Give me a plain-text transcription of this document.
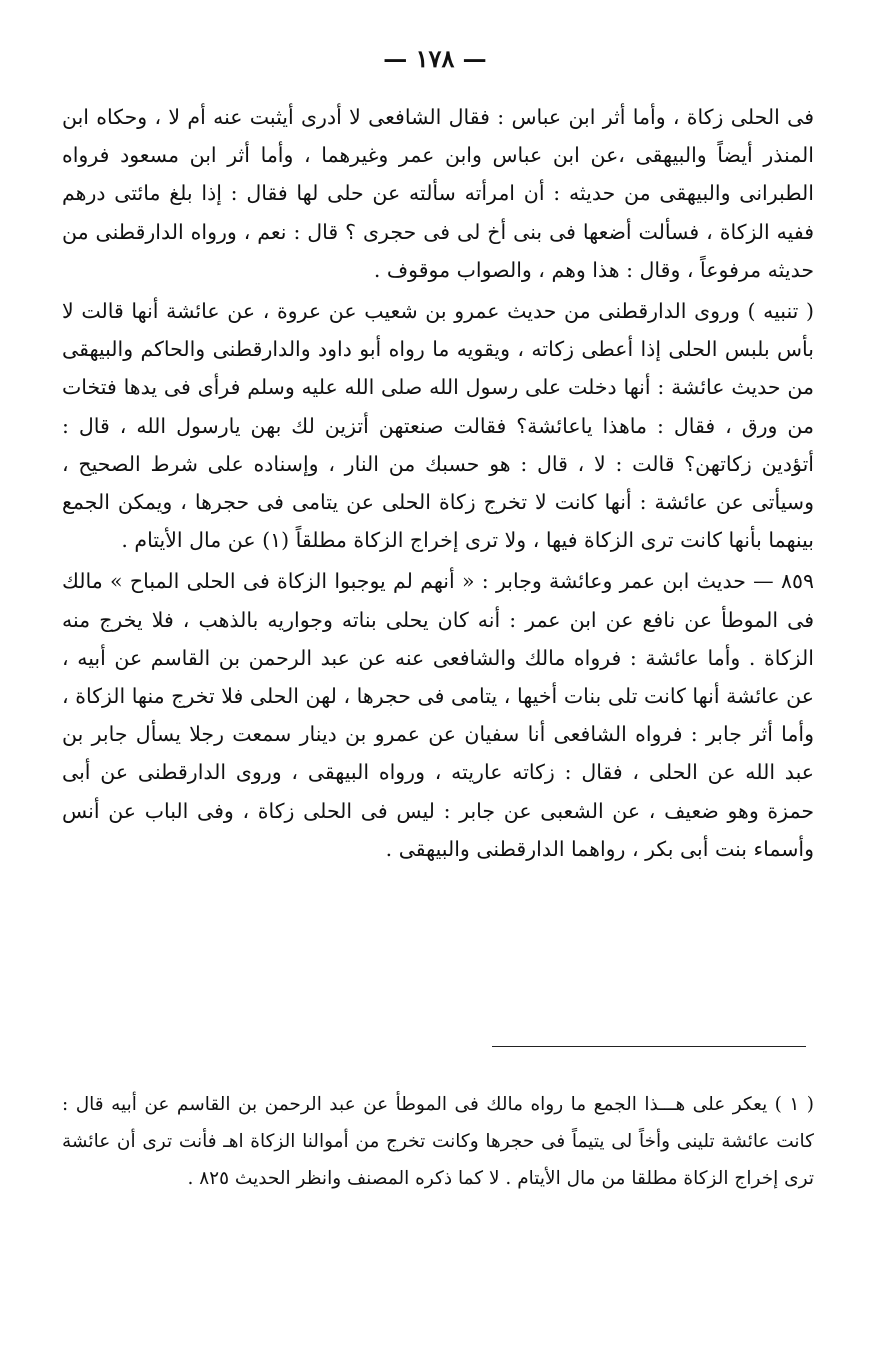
— ١٧٨ —

فى الحلى زكاة ، وأما أثر ابن عباس : فقال الشافعى لا أدرى أيثبت عنه أم لا ، وحكاه ابن المنذر أيضاً والبيهقى ،عن ابن عباس وابن عمر وغيرهما ، وأما أثر ابن مسعود فرواه الطبرانى والبيهقى من حديثه : أن امرأته سألته عن حلى لها فقال : إذا بلغ مائتى درهم ففيه الزكاة ، فسألت أضعها فى بنى أخ لى فى حجرى ؟ قال : نعم ، ورواه الدارقطنى من حديثه مرفوعاً ، وقال : هذا وهم ، والصواب موقوف .

( تنبيه ) وروى الدارقطنى من حديث عمرو بن شعيب عن عروة ، عن عائشة أنها قالت لا بأس بلبس الحلى إذا أعطى زكاته ، ويقويه ما رواه أبو داود والدارقطنى والحاكم والبيهقى من حديث عائشة : أنها دخلت على رسول الله صلى الله عليه وسلم فرأى فى يدها فتخات من ورق ، فقال : ماهذا ياعائشة؟ فقالت صنعتهن أتزين لك بهن يارسول الله ، قال : أتؤدين زكاتهن؟ قالت : لا ، قال : هو حسبك من النار ، وإسناده على شرط الصحيح ، وسيأتى عن عائشة : أنها كانت لا تخرج زكاة الحلى عن يتامى فى حجرها ، ويمكن الجمع بينهما بأنها كانت ترى الزكاة فيها ، ولا ترى إخراج الزكاة مطلقاً (١) عن مال الأيتام .

٨٥٩ — حديث ابن عمر وعائشة وجابر : « أنهم لم يوجبوا الزكاة فى الحلى المباح » مالك فى الموطأ عن نافع عن ابن عمر : أنه كان يحلى بناته وجواريه بالذهب ، فلا يخرج منه الزكاة . وأما عائشة : فرواه مالك والشافعى عنه عن عبد الرحمن بن القاسم عن أبيه ، عن عائشة أنها كانت تلى بنات أخيها ، يتامى فى حجرها ، لهن الحلى فلا تخرج منها الزكاة ، وأما أثر جابر : فرواه الشافعى أنا سفيان عن عمرو بن دينار سمعت رجلا يسأل جابر بن عبد الله عن الحلى ، فقال : زكاته عاريته ، ورواه البيهقى ، وروى الدارقطنى عن أبى حمزة وهو ضعيف ، عن الشعبى عن جابر : ليس فى الحلى زكاة ، وفى الباب عن أنس وأسماء بنت أبى بكر ، رواهما الدارقطنى والبيهقى .

( ١ ) يعكر على هـــذا الجمع ما رواه مالك فى الموطأ عن عبد الرحمن بن القاسم عن أبيه قال : كانت عائشة تلينى وأخاً لى يتيماً فى حجرها وكانت تخرج من أموالنا الزكاة اهـ فأنت ترى أن عائشة ترى إخراج الزكاة مطلقا من مال الأيتام . لا كما ذكره المصنف وانظر الحديث ٨٢٥ .
